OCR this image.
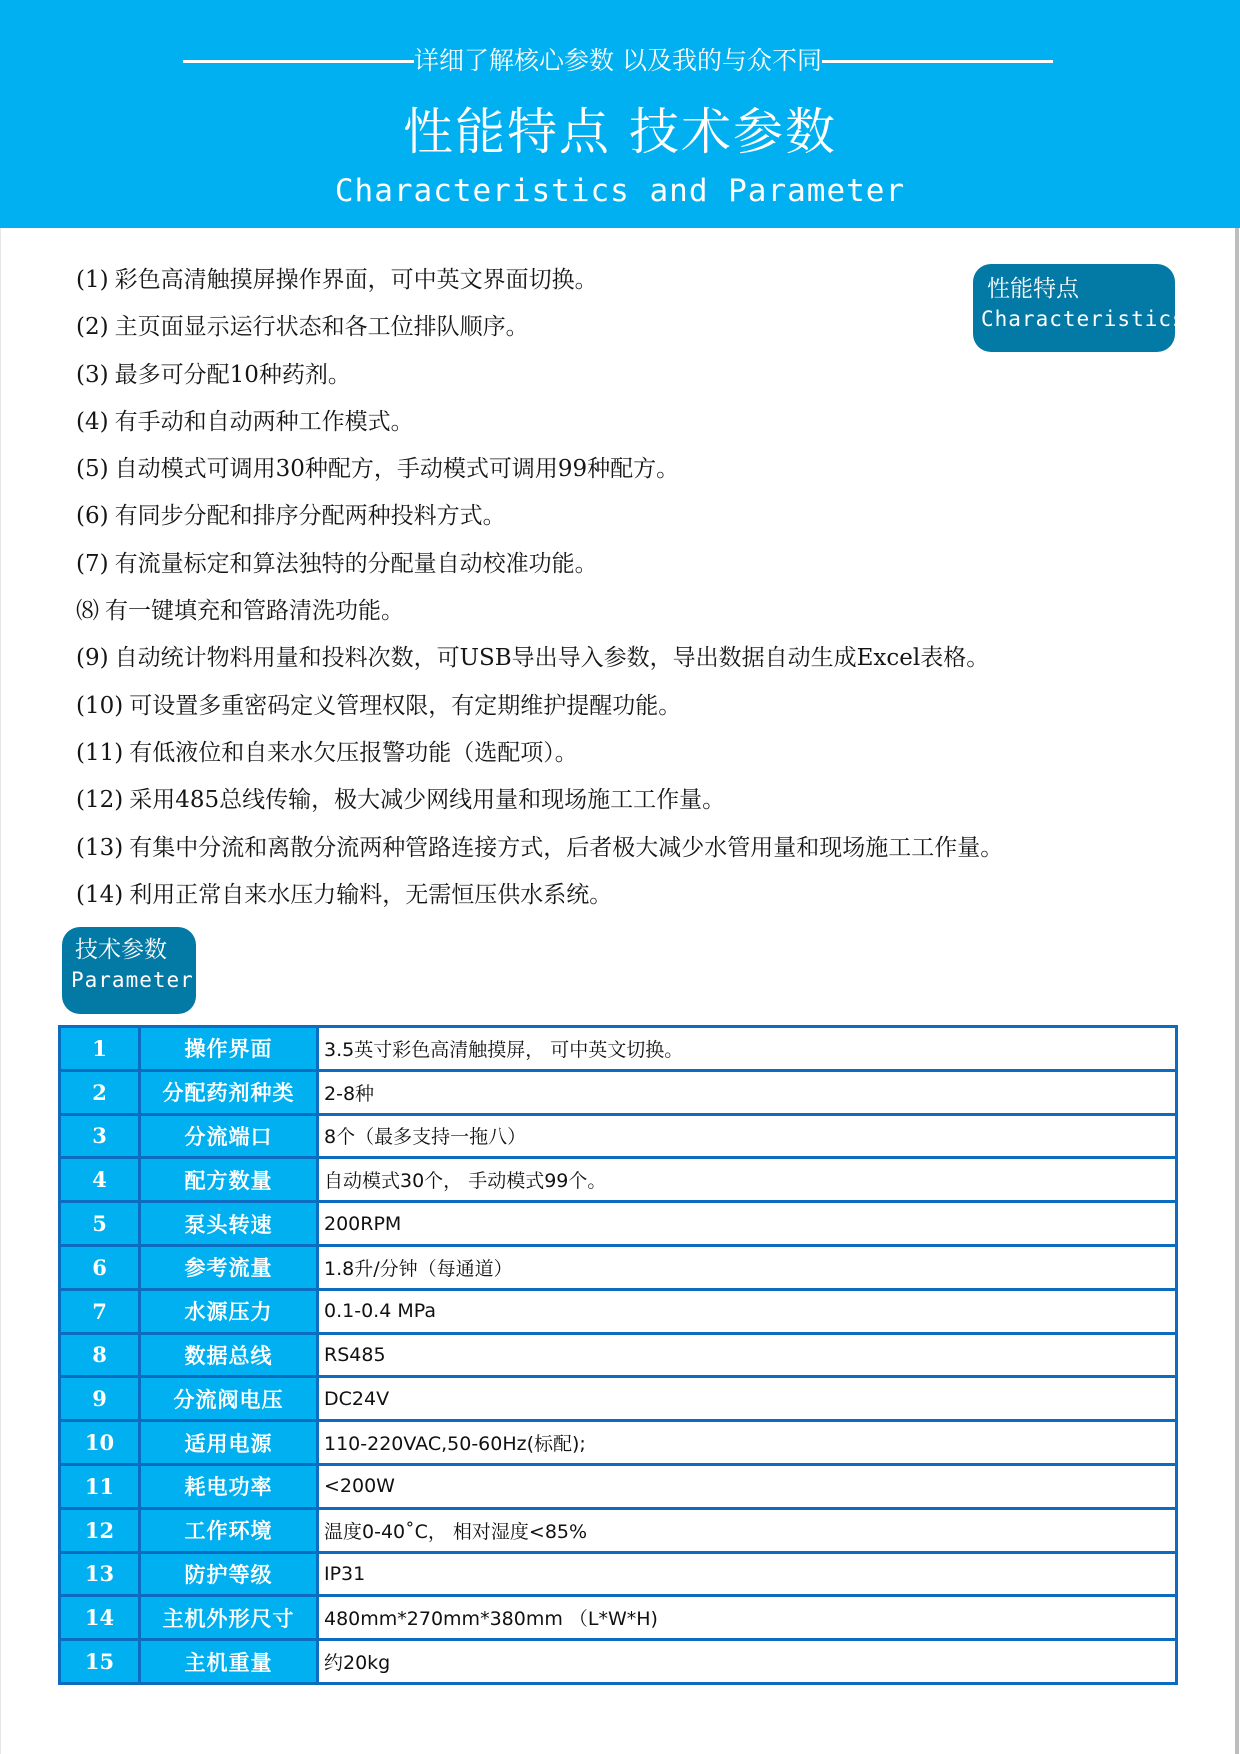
详细了解核心参数 以及我的与众不同
性能特点 技术参数
Characteristics and Parameter
性能特点
Characteristics
(1) 彩色高清触摸屏操作界面，可中英文界面切换。
(2) 主页面显示运行状态和各工位排队顺序。
(3) 最多可分配10种药剂。
(4) 有手动和自动两种工作模式。
(5) 自动模式可调用30种配方，手动模式可调用99种配方。
(6) 有同步分配和排序分配两种投料方式。
(7) 有流量标定和算法独特的分配量自动校准功能。
⑻ 有一键填充和管路清洗功能。
(9) 自动统计物料用量和投料次数，可USB导出导入参数，导出数据自动生成Excel表格。
(10) 可设置多重密码定义管理权限，有定期维护提醒功能。
(11) 有低液位和自来水欠压报警功能（选配项）。
(12) 采用485总线传输，极大减少网线用量和现场施工工作量。
(13) 有集中分流和离散分流两种管路连接方式，后者极大减少水管用量和现场施工工作量。
(14) 利用正常自来水压力输料，无需恒压供水系统。
技术参数
Parameter
1	操作界面	3.5英寸彩色高清触摸屏， 可中英文切换。
2	分配药剂种类	2-8种
3	分流端口	8个（最多支持一拖八）
4	配方数量	自动模式30个， 手动模式99个。
5	泵头转速	200RPM
6	参考流量	1.8升/分钟（每通道）
7	水源压力	0.1-0.4 MPa
8	数据总线	RS485
9	分流阀电压	DC24V
10	适用电源	110-220VAC,50-60Hz(标配);
11	耗电功率	<200W
12	工作环境	温度0-40˚C， 相对湿度<85%
13	防护等级	IP31
14	主机外形尺寸	480mm*270mm*380mm （L*W*H)
15	主机重量	约20kg
